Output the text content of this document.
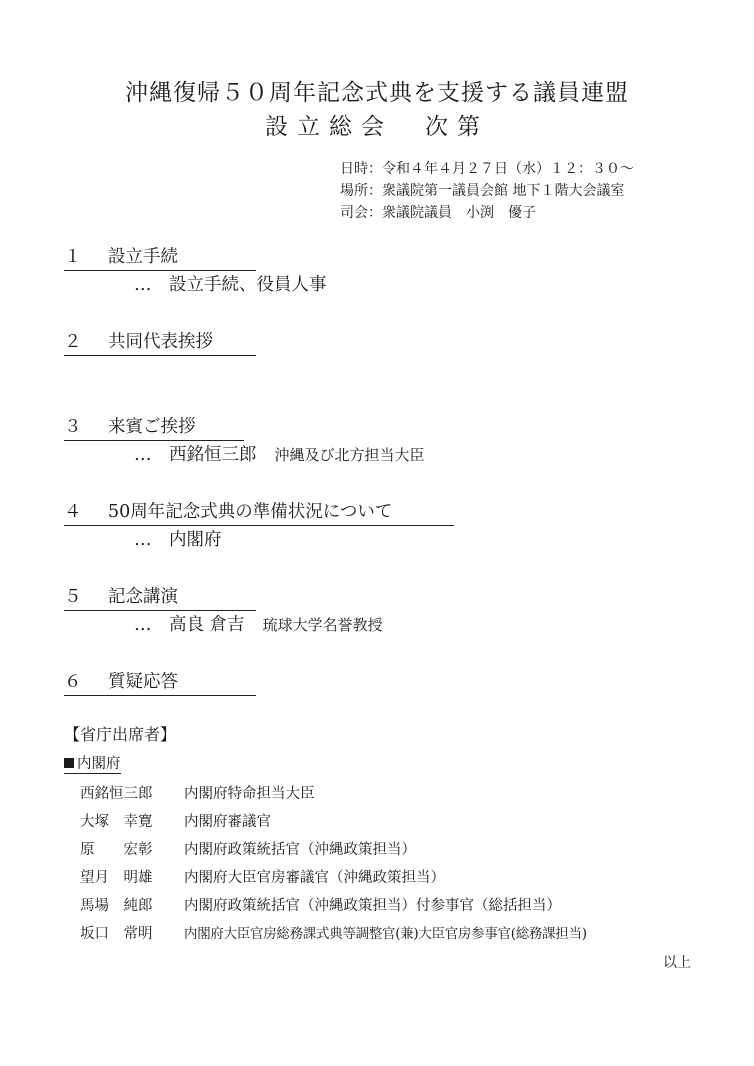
沖縄復帰５０周年記念式典を支援する議員連盟
設立総会　次第
日時：令和４年４月２７日（水）１２：３０～
場所：衆議院第一議員会館 地下１階大会議室
司会：衆議院議員　小渕　優子
１ 設立手続
…　設立手続、役員人事
２ 共同代表挨拶
３ 来賓ご挨拶
…　西銘恒三郎 沖縄及び北方担当大臣
４ 50周年記念式典の準備状況について
…　内閣府
５ 記念講演
…　高良 倉吉 琉球大学名誉教授
６ 質疑応答
【省庁出席者】
内閣府
西銘恒三郎 内閣府特命担当大臣
大塚　幸寛 内閣府審議官
原　　宏彰 内閣府政策統括官（沖縄政策担当）
望月　明雄 内閣府大臣官房審議官（沖縄政策担当）
馬場　純郎 内閣府政策統括官（沖縄政策担当）付参事官（総括担当）
坂口　常明 内閣府大臣官房総務課式典等調整官(兼)大臣官房参事官(総務課担当)
以上
